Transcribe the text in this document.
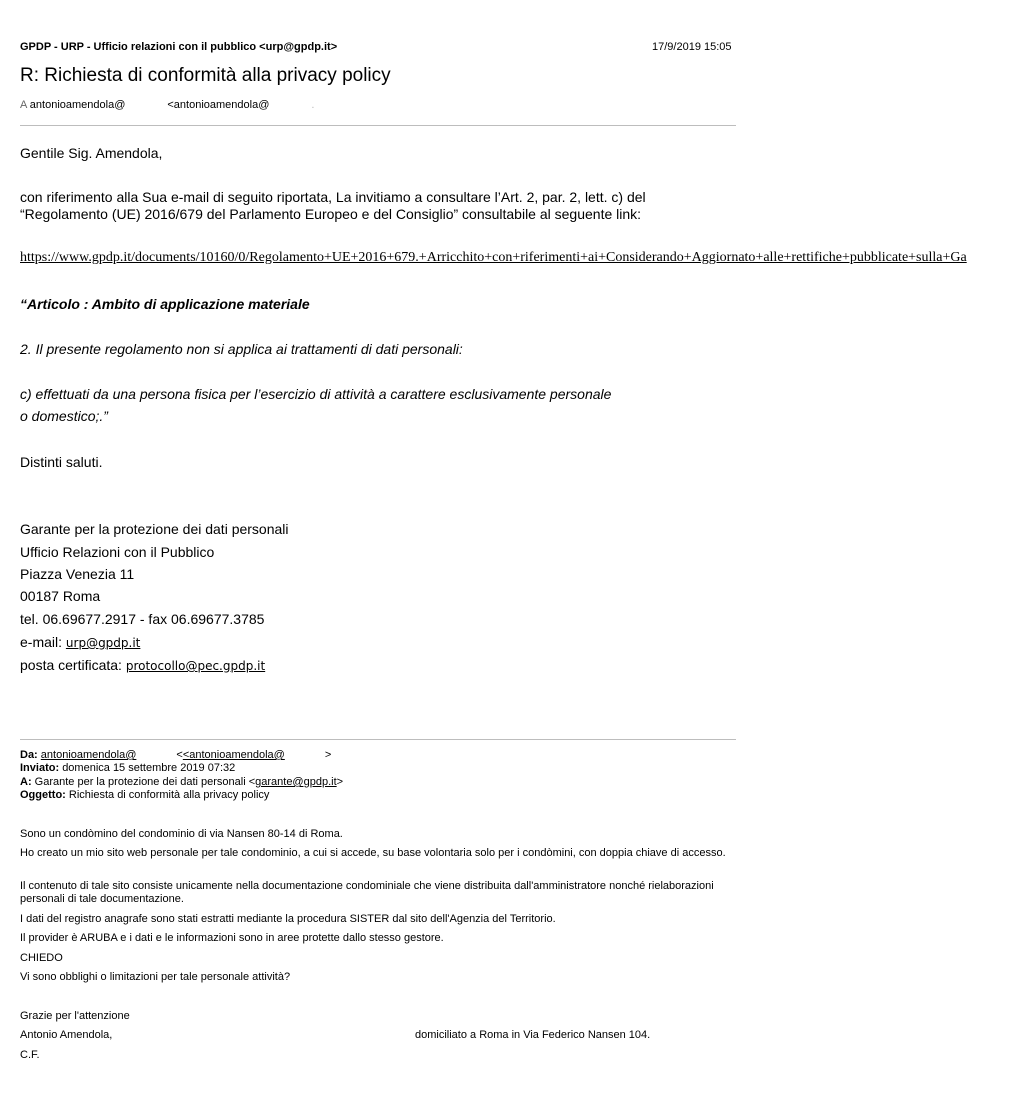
GPDP - URP - Ufficio relazioni con il pubblico <urp@gpdp.it>	17/9/2019 15:05
R: Richiesta di conformità alla privacy policy
A antonioamendola@	<antonioamendola@	.
Gentile Sig. Amendola,
con riferimento alla Sua e-mail di seguito riportata, La invitiamo a consultare l’Art. 2, par. 2, lett. c) del
“Regolamento (UE) 2016/679 del Parlamento Europeo e del Consiglio” consultabile al seguente link:
https://www.gpdp.it/documents/10160/0/Regolamento+UE+2016+679.+Arricchito+con+riferimenti+ai+Considerando+Aggiornato+alle+rettifiche+pubblicate+sulla+Ga
“Articolo : Ambito di applicazione materiale
2. Il presente regolamento non si applica ai trattamenti di dati personali:
c) effettuati da una persona fisica per l’esercizio di attività a carattere esclusivamente personale
o domestico;.”
Distinti saluti.
Garante per la protezione dei dati personali
Ufficio Relazioni con il Pubblico
Piazza Venezia 11
00187 Roma
tel. 06.69677.2917 - fax 06.69677.3785
e-mail: urp@gpdp.it
posta certificata: protocollo@pec.gpdp.it
Da: antonioamendola@	<<antonioamendola@	>
Inviato: domenica 15 settembre 2019 07:32
A: Garante per la protezione dei dati personali <garante@gpdp.it>
Oggetto: Richiesta di conformità alla privacy policy
Sono un condòmino del condominio di via Nansen 80-14 di Roma.
Ho creato un mio sito web personale per tale condominio, a cui si accede, su base volontaria solo per i condòmini, con doppia chiave di accesso.
Il contenuto di tale sito consiste unicamente nella documentazione condominiale che viene distribuita dall'amministratore nonché rielaborazioni personali di tale documentazione.
I dati del registro anagrafe sono stati estratti mediante la procedura SISTER dal sito dell'Agenzia del Territorio.
Il provider è ARUBA e i dati e le informazioni sono in aree protette dallo stesso gestore.
CHIEDO
Vi sono obblighi o limitazioni per tale personale attività?
Grazie per l'attenzione
Antonio Amendola,	domiciliato a Roma in Via Federico Nansen 104.
C.F.
